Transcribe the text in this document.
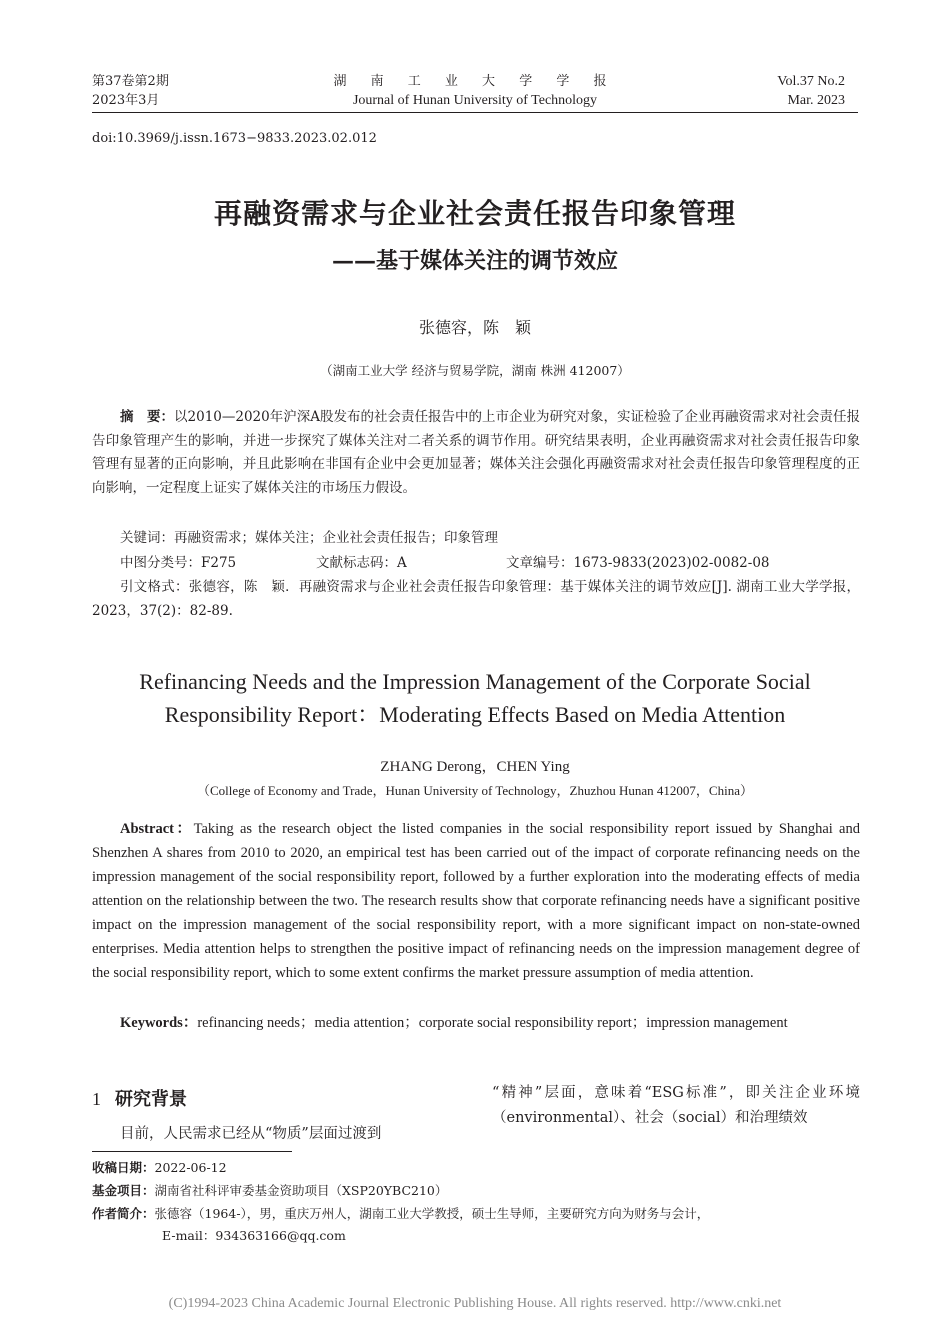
第37卷第2期
2023年3月
湖 南 工 业 大 学 学 报
Journal of Hunan University of Technology
Vol.37 No.2
Mar. 2023
doi:10.3969/j.issn.1673−9833.2023.02.012
再融资需求与企业社会责任报告印象管理
——基于媒体关注的调节效应
张德容，陈　颖
（湖南工业大学 经济与贸易学院，湖南 株洲 412007）
摘　要：以2010—2020年沪深A股发布的社会责任报告中的上市企业为研究对象，实证检验了企业再融资需求对社会责任报告印象管理产生的影响，并进一步探究了媒体关注对二者关系的调节作用。研究结果表明，企业再融资需求对社会责任报告印象管理有显著的正向影响，并且此影响在非国有企业中会更加显著；媒体关注会强化再融资需求对社会责任报告印象管理程度的正向影响，一定程度上证实了媒体关注的市场压力假设。
关键词：再融资需求；媒体关注；企业社会责任报告；印象管理
中图分类号：F275	文献标志码：A	文章编号：1673-9833(2023)02-0082-08
引文格式：张德容，陈　颖．再融资需求与企业社会责任报告印象管理：基于媒体关注的调节效应[J]. 湖南工业大学学报，2023，37(2)：82-89.
Refinancing Needs and the Impression Management of the Corporate Social
Responsibility Report：Moderating Effects Based on Media Attention
ZHANG Derong，CHEN Ying
（College of Economy and Trade，Hunan University of Technology，Zhuzhou Hunan 412007，China）
Abstract：Taking as the research object the listed companies in the social responsibility report issued by Shanghai and Shenzhen A shares from 2010 to 2020, an empirical test has been carried out of the impact of corporate refinancing needs on the impression management of the social responsibility report, followed by a further exploration into the moderating effects of media attention on the relationship between the two. The research results show that corporate refinancing needs have a significant positive impact on the impression management of the social responsibility report, with a more significant impact on non-state-owned enterprises. Media attention helps to strengthen the positive impact of refinancing needs on the impression management degree of the social responsibility report, which to some extent confirms the market pressure assumption of media attention.
Keywords：refinancing needs；media attention；corporate social responsibility report；impression management
1 研究背景
目前，人民需求已经从“物质”层面过渡到
“精神”层面，意味着“ESG标准”，即关注企业环境（environmental）、社会（social）和治理绩效
收稿日期：2022-06-12
基金项目：湖南省社科评审委基金资助项目（XSP20YBC210）
作者简介：张德容（1964-），男，重庆万州人，湖南工业大学教授，硕士生导师，主要研究方向为财务与会计，
E-mail：934363166@qq.com
(C)1994-2023 China Academic Journal Electronic Publishing House. All rights reserved. http://www.cnki.net
